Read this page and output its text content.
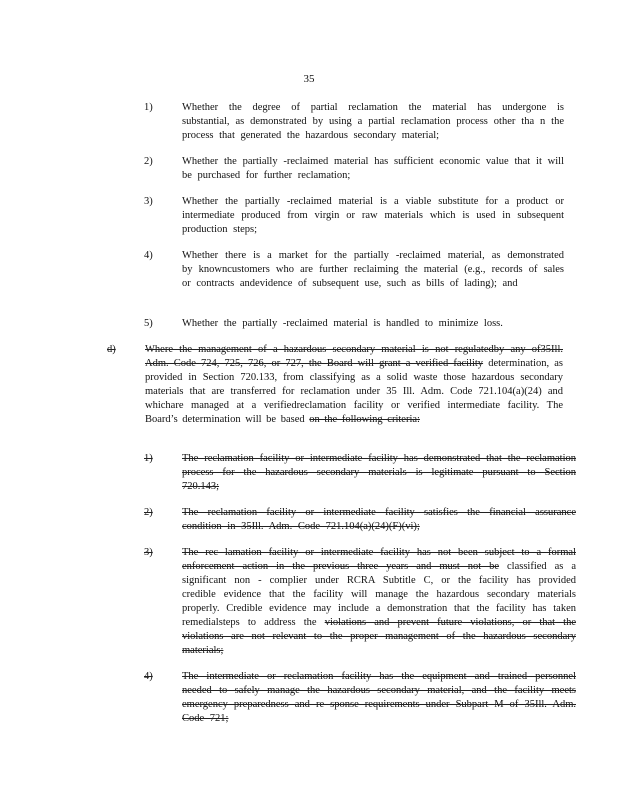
35
1)	Whether the degree of partial reclamation the material has undergone is substantial, as demonstrated by using a partial reclamation process other tha n the process that generated the hazardous secondary material;
2)	Whether the partially -reclaimed material has sufficient economic value that it will be purchased for further reclamation;
3)	Whether the partially -reclaimed material is a viable substitute for a product or intermediate produced from virgin or raw materials which is used in subsequent production steps;
4)	Whether there is a market for the partially -reclaimed material, as demonstrated by knowncustomers who are further reclaiming the material (e.g., records of sales or contracts andevidence of subsequent use, such as bills of lading); and
5)	Whether the partially -reclaimed material is handled to minimize loss.
d)	Where the management of a hazardous secondary material is not regulatedby any of35Ill. Adm. Code 724, 725, 726, or 727, the Board will grant a verified facility determination, as provided in Section 720.133, from classifying as a solid waste those hazardous secondary materials that are transferred for reclamation under 35 Ill. Adm. Code 721.104(a)(24) and whichare managed at a verifiedreclamation facility or verified intermediate facility. The Board’s determination will be based on the following criteria:
1)	The reclamation facility or intermediate facility has demonstrated that the reclamation process for the hazardous secondary materials is legitimate pursuant to Section 720.143;
2)	The reclamation facility or intermediate facility satisfies the financial assurance condition in 35Ill. Adm. Code 721.104(a)(24)(F)(vi);
3)	The rec lamation facility or intermediate facility has not been subject to a formal enforcement action in the previous three years and must not be classified as a significant non - complier under RCRA Subtitle C, or the facility has provided credible evidence that the facility will manage the hazardous secondary materials properly. Credible evidence may include a demonstration that the facility has taken remedialsteps to address the violations and prevent future violations, or that the violations are not relevant to the proper management of the hazardous secondary materials;
4)	The intermediate or reclamation facility has the equipment and trained personnel needed to safely manage the hazardous secondary material, and the facility meets emergency preparedness and re sponse requirements under Subpart M of 35Ill. Adm. Code 721;
